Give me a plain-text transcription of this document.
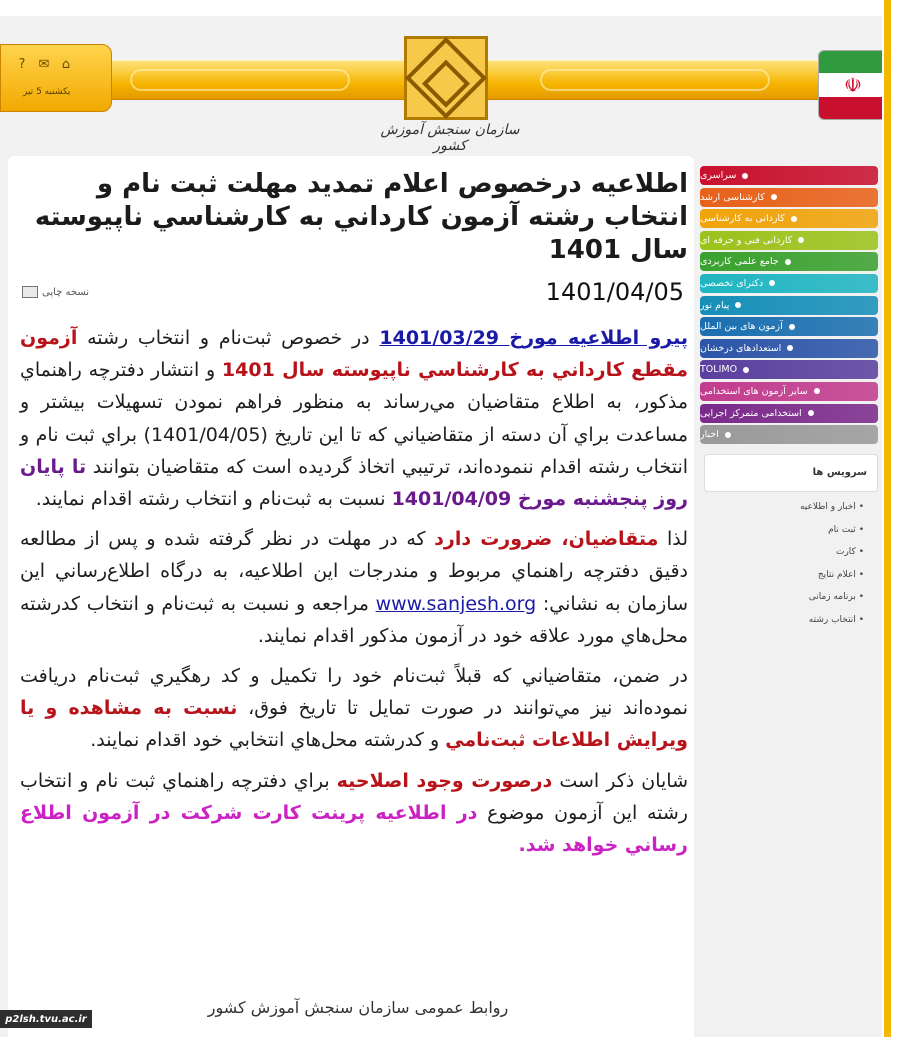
سازمان سنجش آموزش کشور
? ✉ ⌂
یکشنبه 5 تیر	☫
اطلاعيه درخصوص اعلام تمديد مهلت ثبت نام و انتخاب رشته آزمون کارداني به کارشناسي ناپيوسته سال 1401
نسخه چاپی	1401/04/05

پيرو اطلاعيه مورخ 1401/03/29 در خصوص ثبت‌نام و انتخاب رشته آزمون مقطع کارداني به کارشناسي ناپيوسته سال 1401 و انتشار دفترچه راهنماي مذکور، به اطلاع متقاضيان مي‌رساند به منظور فراهم نمودن تسهيلات بيشتر و مساعدت براي آن دسته از متقاضياني که تا اين تاريخ (1401/04/05) براي ثبت نام و انتخاب رشته اقدام ننموده‌اند، ترتيبي اتخاذ گرديده است که متقاضيان بتوانند تا پايان روز پنجشنبه مورخ 1401/04/09 نسبت به ثبت‌نام و انتخاب رشته اقدام نمايند.

لذا متقاضيان، ضرورت دارد که در مهلت در نظر گرفته شده و پس از مطالعه دقيق دفترچه راهنماي مربوط و مندرجات اين اطلاعيه، به درگاه اطلاع‌رساني اين سازمان به نشاني: www.sanjesh.org مراجعه و نسبت به ثبت‌نام و انتخاب کدرشته محل‌هاي مورد علاقه خود در آزمون مذکور اقدام نمايند.

در ضمن، متقاضياني که قبلاً ثبت‌نام خود را تکميل و کد رهگيري ثبت‌نام دريافت نموده‌اند نيز مي‌توانند در صورت تمايل تا تاريخ فوق، نسبت به مشاهده و يا ويرايش اطلاعات ثبت‌نامي و کدرشته محل‌هاي انتخابي خود اقدام نمايند.

شایان ذکر است درصورت وجود اصلاحيه براي دفترچه راهنماي ثبت نام و انتخاب رشته اين آزمون موضوع در اطلاعيه پرينت کارت شرکت در آزمون اطلاع رساني خواهد شد.

روابط عمومی سازمان سنجش آموزش کشور
سراسری
کارشناسی ارشد
کاردانی به کارشناسی
کاردانی فنی و حرفه ای
جامع علمی کاربردی
دکترای تخصصی
پیام نور
آزمون های بین الملل
استعدادهای درخشان
TOLIMO
سایر آزمون های استخدامی
استخدامی متمرکز اجرایی
اخبار
سرویس ها
• اخبار و اطلاعیه
• ثبت نام
• کارت
• اعلام نتایج
• برنامه زمانی
• انتخاب رشته
p2lsh.tvu.ac.ir
